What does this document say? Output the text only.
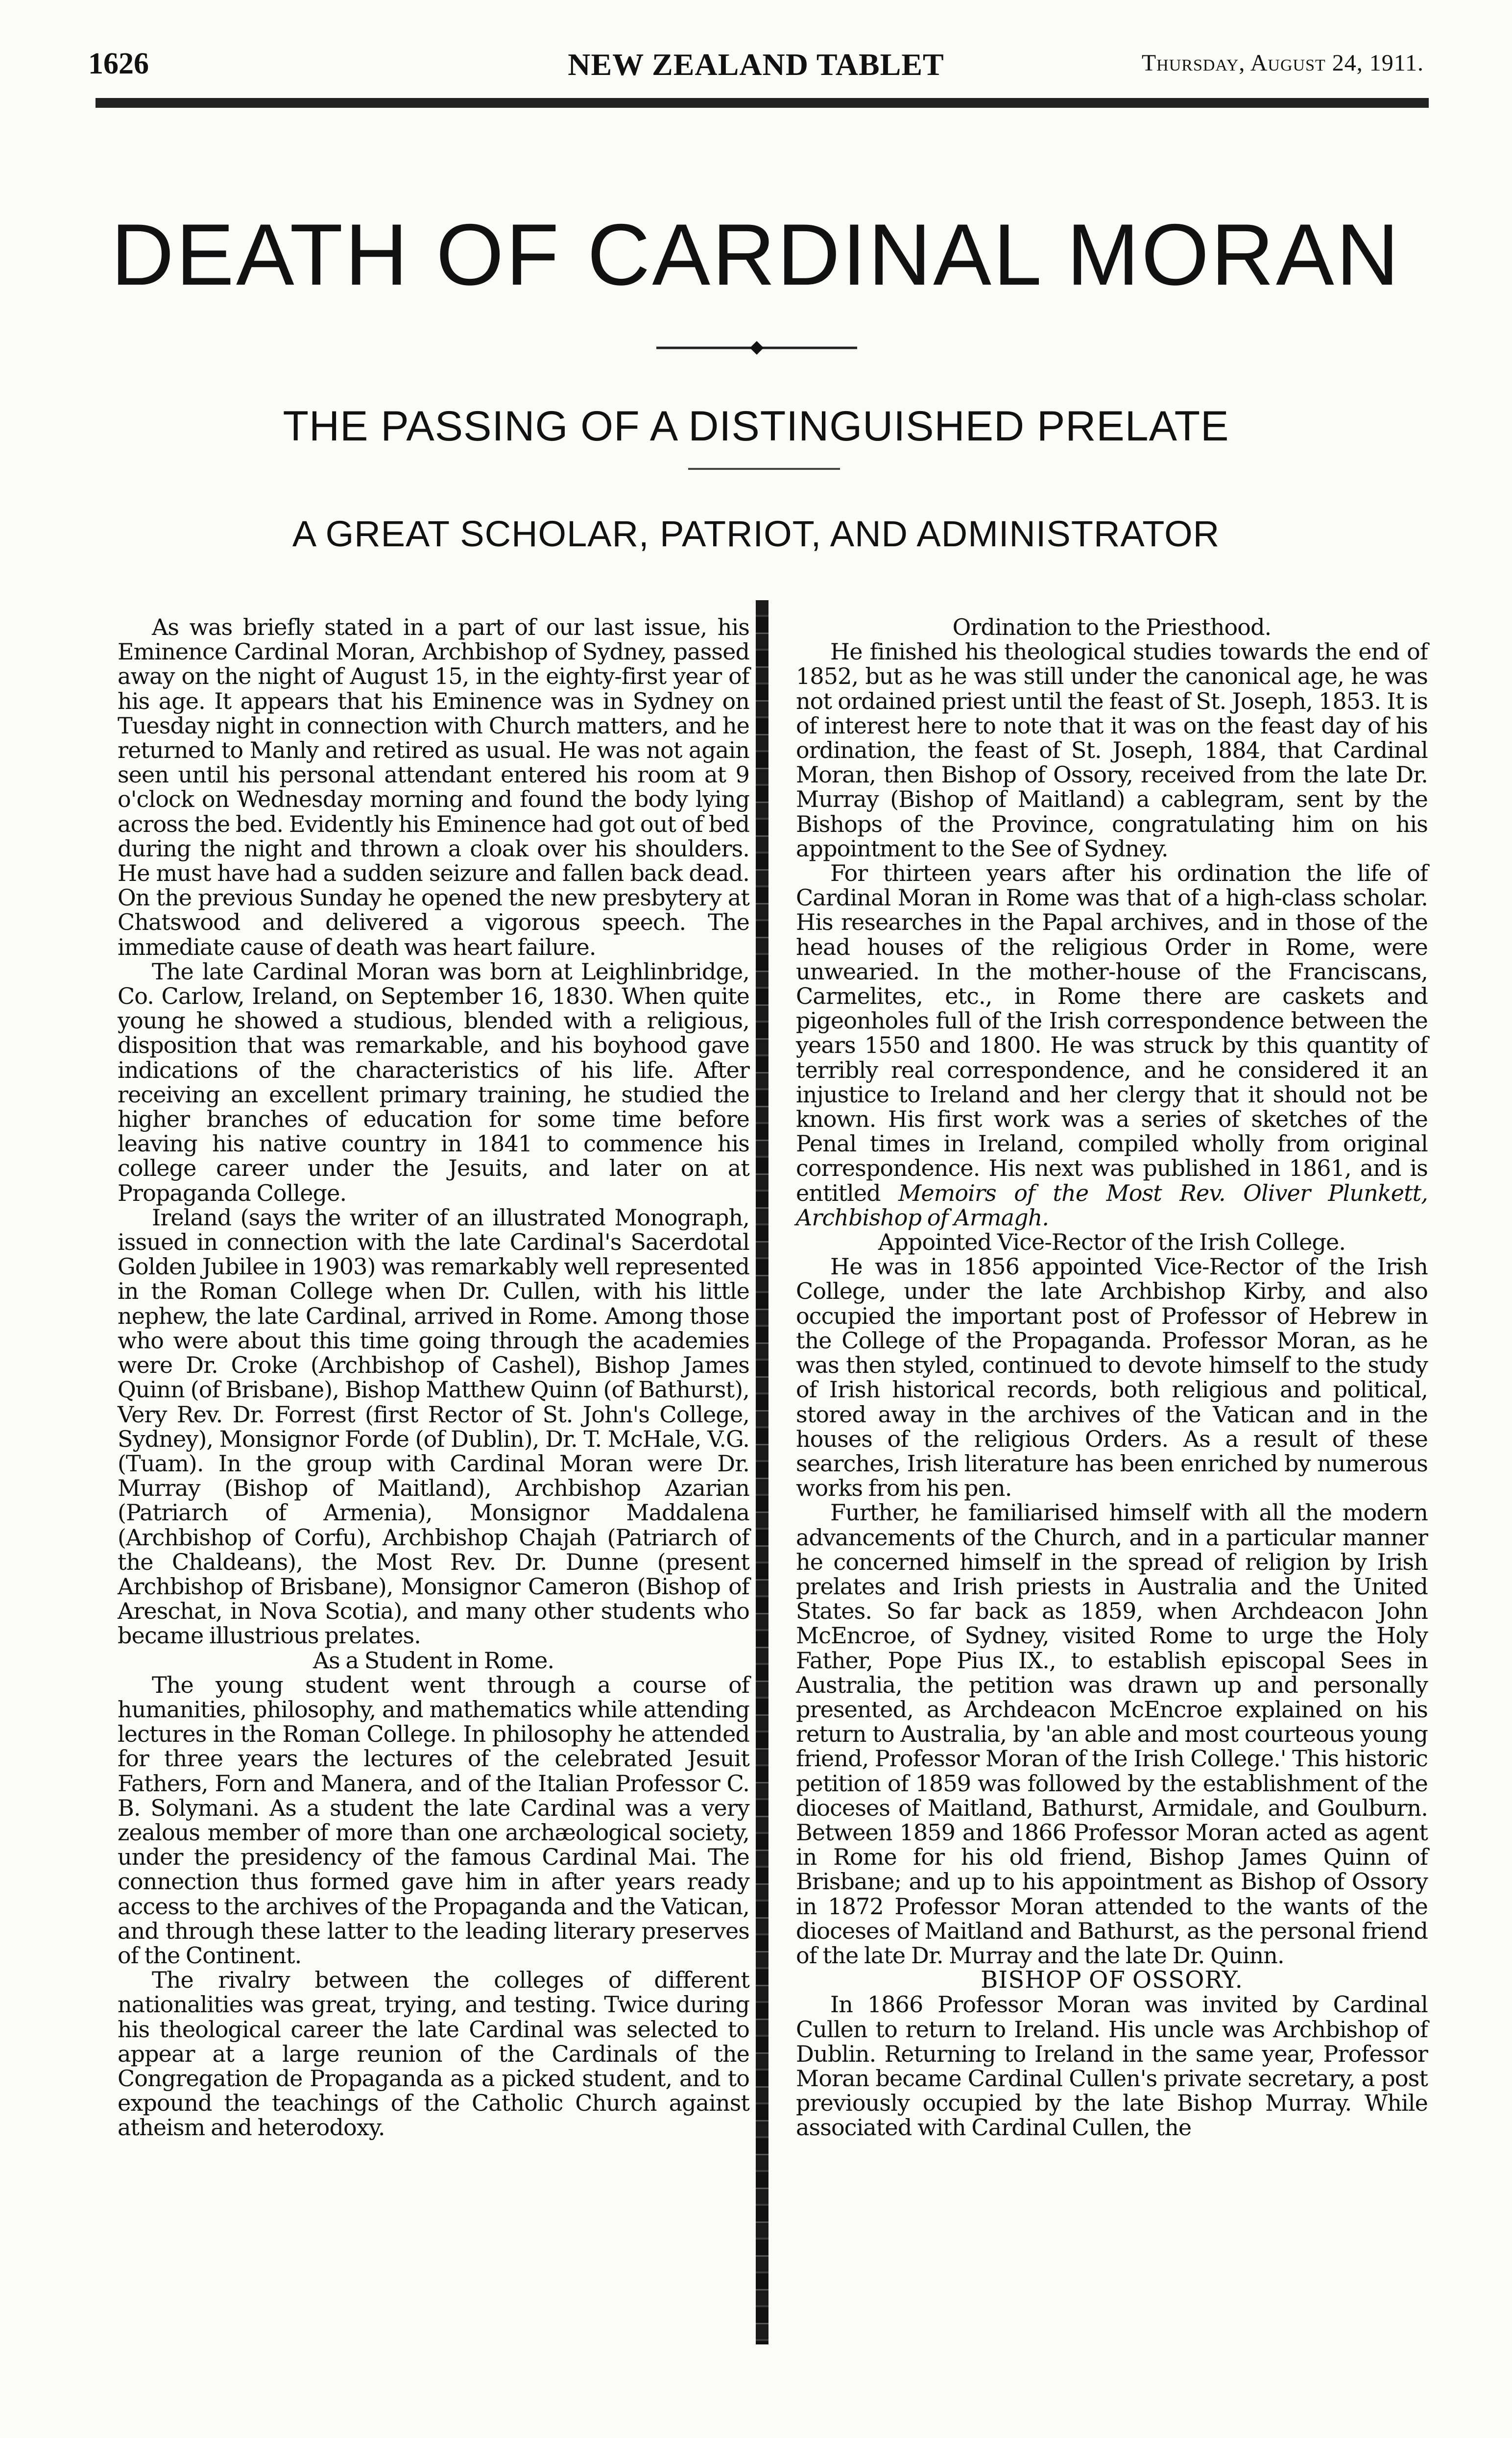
1626	NEW ZEALAND TABLET	Thursday, August 24, 1911.
DEATH OF CARDINAL MORAN
THE PASSING OF A DISTINGUISHED PRELATE
A GREAT SCHOLAR, PATRIOT, AND ADMINISTRATOR

As was briefly stated in a part of our last issue, his Eminence Cardinal Moran, Archbishop of Sydney, passed away on the night of August 15, in the eighty-first year of his age. It appears that his Eminence was in Sydney on Tuesday night in connection with Church matters, and he returned to Manly and retired as usual. He was not again seen until his personal attendant entered his room at 9 o'clock on Wednesday morning and found the body lying across the bed. Evidently his Eminence had got out of bed during the night and thrown a cloak over his shoulders. He must have had a sudden seizure and fallen back dead. On the previous Sunday he opened the new presbytery at Chatswood and delivered a vigorous speech. The immediate cause of death was heart failure.

The late Cardinal Moran was born at Leighlinbridge, Co. Carlow, Ireland, on September 16, 1830. When quite young he showed a studious, blended with a religious, disposition that was remarkable, and his boyhood gave indications of the characteristics of his life. After receiving an excellent primary training, he studied the higher branches of education for some time before leaving his native country in 1841 to commence his college career under the Jesuits, and later on at Propaganda College.

Ireland (says the writer of an illustrated Monograph, issued in connection with the late Cardinal's Sacerdotal Golden Jubilee in 1903) was remarkably well represented in the Roman College when Dr. Cullen, with his little nephew, the late Cardinal, arrived in Rome. Among those who were about this time going through the academies were Dr. Croke (Archbishop of Cashel), Bishop James Quinn (of Brisbane), Bishop Matthew Quinn (of Bathurst), Very Rev. Dr. Forrest (first Rector of St. John's College, Sydney), Monsignor Forde (of Dublin), Dr. T. McHale, V.G. (Tuam). In the group with Cardinal Moran were Dr. Murray (Bishop of Maitland), Archbishop Azarian (Patriarch of Armenia), Monsignor Maddalena (Archbishop of Corfu), Archbishop Chajah (Patriarch of the Chaldeans), the Most Rev. Dr. Dunne (present Archbishop of Brisbane), Monsignor Cameron (Bishop of Areschat, in Nova Scotia), and many other students who became illustrious prelates.

As a Student in Rome.

The young student went through a course of humanities, philosophy, and mathematics while attending lectures in the Roman College. In philosophy he attended for three years the lectures of the celebrated Jesuit Fathers, Forn and Manera, and of the Italian Professor C. B. Solymani. As a student the late Cardinal was a very zealous member of more than one archæological society, under the presidency of the famous Cardinal Mai. The connection thus formed gave him in after years ready access to the archives of the Propaganda and the Vatican, and through these latter to the leading literary preserves of the Continent.

The rivalry between the colleges of different nationalities was great, trying, and testing. Twice during his theological career the late Cardinal was selected to appear at a large reunion of the Cardinals of the Congregation de Propaganda as a picked student, and to expound the teachings of the Catholic Church against atheism and heterodoxy.

Ordination to the Priesthood.

He finished his theological studies towards the end of 1852, but as he was still under the canonical age, he was not ordained priest until the feast of St. Joseph, 1853. It is of interest here to note that it was on the feast day of his ordination, the feast of St. Joseph, 1884, that Cardinal Moran, then Bishop of Ossory, received from the late Dr. Murray (Bishop of Maitland) a cablegram, sent by the Bishops of the Province, congratulating him on his appointment to the See of Sydney.

For thirteen years after his ordination the life of Cardinal Moran in Rome was that of a high-class scholar. His researches in the Papal archives, and in those of the head houses of the religious Order in Rome, were unwearied. In the mother-house of the Franciscans, Carmelites, etc., in Rome there are caskets and pigeonholes full of the Irish correspondence between the years 1550 and 1800. He was struck by this quantity of terribly real correspondence, and he considered it an injustice to Ireland and her clergy that it should not be known. His first work was a series of sketches of the Penal times in Ireland, compiled wholly from original correspondence. His next was published in 1861, and is entitled Memoirs of the Most Rev. Oliver Plunkett, Archbishop of Armagh.

Appointed Vice-Rector of the Irish College.

He was in 1856 appointed Vice-Rector of the Irish College, under the late Archbishop Kirby, and also occupied the important post of Professor of Hebrew in the College of the Propaganda. Professor Moran, as he was then styled, continued to devote himself to the study of Irish historical records, both religious and political, stored away in the archives of the Vatican and in the houses of the religious Orders. As a result of these searches, Irish literature has been enriched by numerous works from his pen.

Further, he familiarised himself with all the modern advancements of the Church, and in a particular manner he concerned himself in the spread of religion by Irish prelates and Irish priests in Australia and the United States. So far back as 1859, when Archdeacon John McEncroe, of Sydney, visited Rome to urge the Holy Father, Pope Pius IX., to establish episcopal Sees in Australia, the petition was drawn up and personally presented, as Archdeacon McEncroe explained on his return to Australia, by 'an able and most courteous young friend, Professor Moran of the Irish College.' This historic petition of 1859 was followed by the establishment of the dioceses of Maitland, Bathurst, Armidale, and Goulburn. Between 1859 and 1866 Professor Moran acted as agent in Rome for his old friend, Bishop James Quinn of Brisbane; and up to his appointment as Bishop of Ossory in 1872 Professor Moran attended to the wants of the dioceses of Maitland and Bathurst, as the personal friend of the late Dr. Murray and the late Dr. Quinn.

BISHOP OF OSSORY.

In 1866 Professor Moran was invited by Cardinal Cullen to return to Ireland. His uncle was Archbishop of Dublin. Returning to Ireland in the same year, Professor Moran became Cardinal Cullen's private secretary, a post previously occupied by the late Bishop Murray. While associated with Cardinal Cullen, the
